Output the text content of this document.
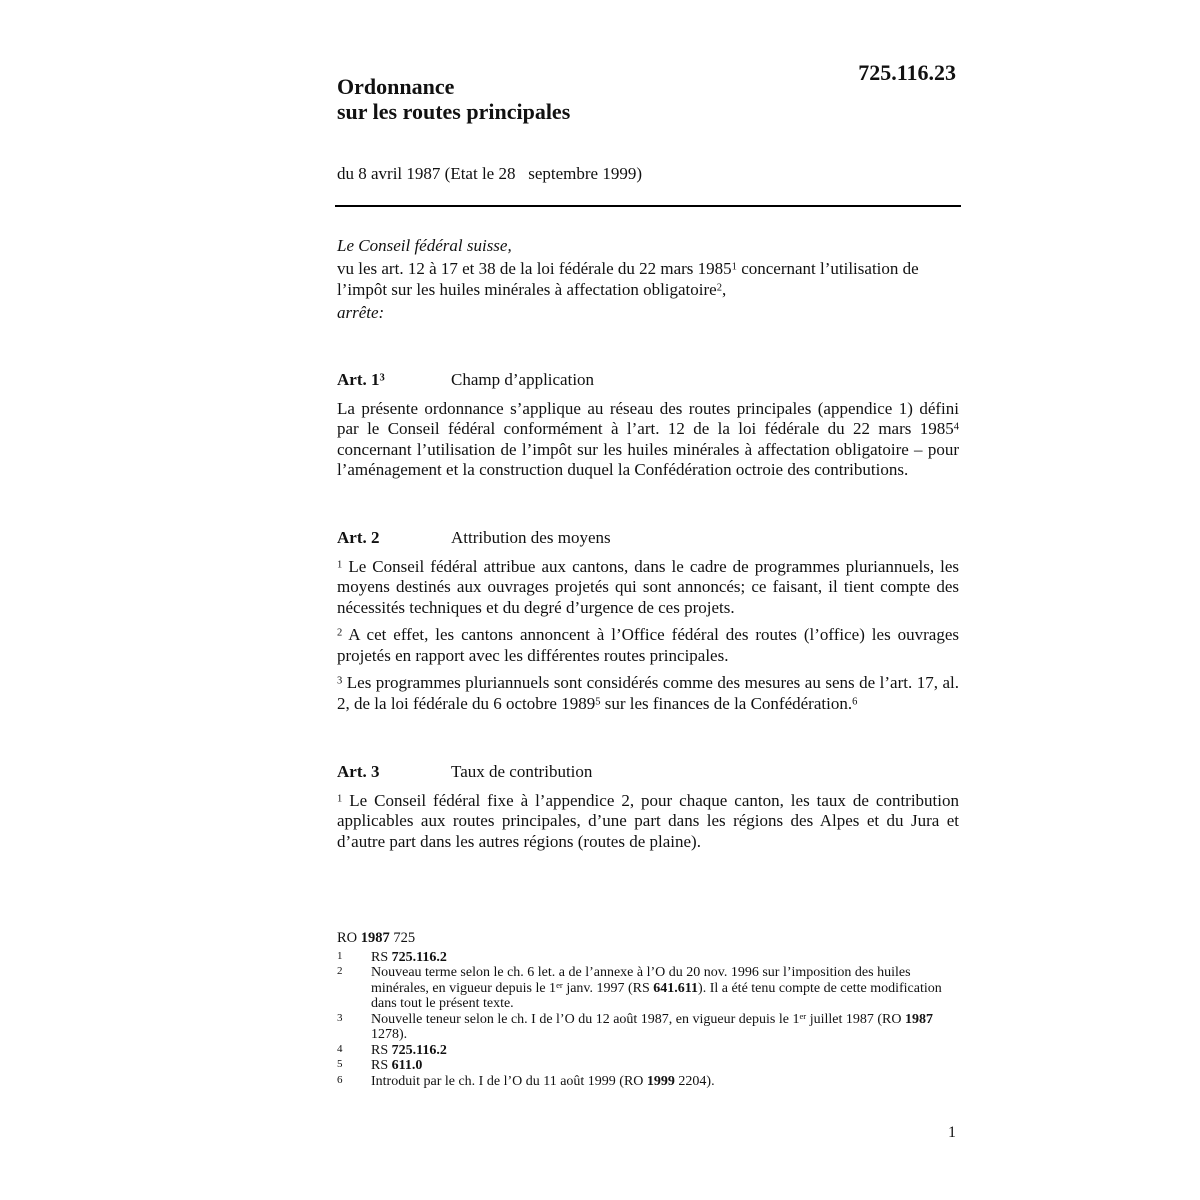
725.116.23
Ordonnance
sur les routes principales
du 8 avril 1987 (Etat le 28   septembre 1999)

Le Conseil fédéral suisse,

vu les art. 12 à 17 et 38 de la loi fédérale du 22 mars 1985$^1$ concernant l’utilisation de l’impôt sur les huiles minérales à affectation obligatoire$^2$,

arrête:

Art. $1^3$	Champ d’application

La présente ordonnance s’applique au réseau des routes principales (appendice 1) défini par le Conseil fédéral conformément à l’art. 12 de la loi fédérale du 22 mars 1985$^4$ concernant l’utilisation de l’impôt sur les huiles minérales à affectation obligatoire – pour l’aménagement et la construction duquel la Confédération octroie des contributions.

Art. 2	Attribution des moyens

$^1$ Le Conseil fédéral attribue aux cantons, dans le cadre de programmes pluriannuels, les moyens destinés aux ouvrages projetés qui sont annoncés; ce faisant, il tient compte des nécessités techniques et du degré d’urgence de ces projets.

$^2$ A cet effet, les cantons annoncent à l’Office fédéral des routes (l’office) les ouvrages projetés en rapport avec les différentes routes principales.

$^3$ Les programmes pluriannuels sont considérés comme des mesures au sens de l’art. 17, al. 2, de la loi fédérale du 6 octobre 1989$^5$ sur les finances de la Confédération.$^6$

Art. 3	Taux de contribution

$^1$ Le Conseil fédéral fixe à l’appendice 2, pour chaque canton, les taux de contribution applicables aux routes principales, d’une part dans les régions des Alpes et du Jura et d’autre part dans les autres régions (routes de plaine).

RO 1987 725
1	RS 725.116.2
2	Nouveau terme selon le ch. 6 let. a de l’annexe à l’O du 20 nov. 1996 sur l’imposition des huiles minérales, en vigueur depuis le 1er janv. 1997 (RS 641.611). Il a été tenu compte de cette modification dans tout le présent texte.
3	Nouvelle teneur selon le ch. I de l’O du 12 août 1987, en vigueur depuis le 1er juillet 1987 (RO 1987 1278).
4	RS 725.116.2
5	RS 611.0
6	Introduit par le ch. I de l’O du 11 août 1999 (RO 1999 2204).
1
